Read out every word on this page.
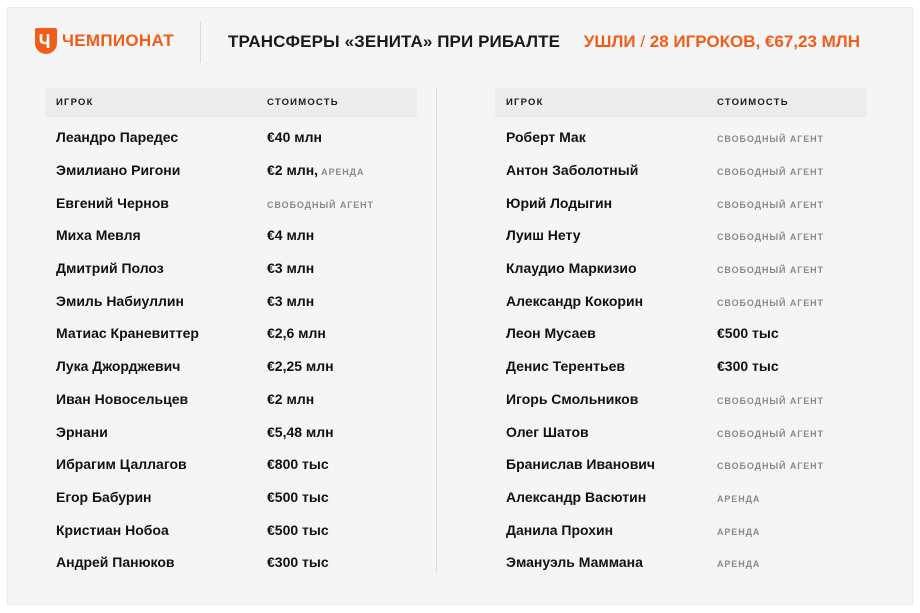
ЧЕМПИОНАТ	ТРАНСФЕРЫ «ЗЕНИТА» ПРИ РИБАЛТЕ УШЛИ / 28 ИГРОКОВ, €67,23 МЛН
ИГРОК	СТОИМОСТЬ
Леандро Паредес	€40 млн
Эмилиано Ригони	€2 млн, АРЕНДА
Евгений Чернов	СВОБОДНЫЙ АГЕНТ
Миха Мевля	€4 млн
Дмитрий Полоз	€3 млн
Эмиль Набиуллин	€3 млн
Матиас Краневиттер	€2,6 млн
Лука Джорджевич	€2,25 млн
Иван Новосельцев	€2 млн
Эрнани	€5,48 млн
Ибрагим Цаллагов	€800 тыс
Егор Бабурин	€500 тыс
Кристиан Нобоа	€500 тыс
Андрей Панюков	€300 тыс
ИГРОК	СТОИМОСТЬ
Роберт Мак	СВОБОДНЫЙ АГЕНТ
Антон Заболотный	СВОБОДНЫЙ АГЕНТ
Юрий Лодыгин	СВОБОДНЫЙ АГЕНТ
Луиш Нету	СВОБОДНЫЙ АГЕНТ
Клаудио Маркизио	СВОБОДНЫЙ АГЕНТ
Александр Кокорин	СВОБОДНЫЙ АГЕНТ
Леон Мусаев	€500 тыс
Денис Терентьев	€300 тыс
Игорь Смольников	СВОБОДНЫЙ АГЕНТ
Олег Шатов	СВОБОДНЫЙ АГЕНТ
Бранислав Иванович	СВОБОДНЫЙ АГЕНТ
Александр Васютин	АРЕНДА
Данила Прохин	АРЕНДА
Эмануэль Маммана	АРЕНДА
